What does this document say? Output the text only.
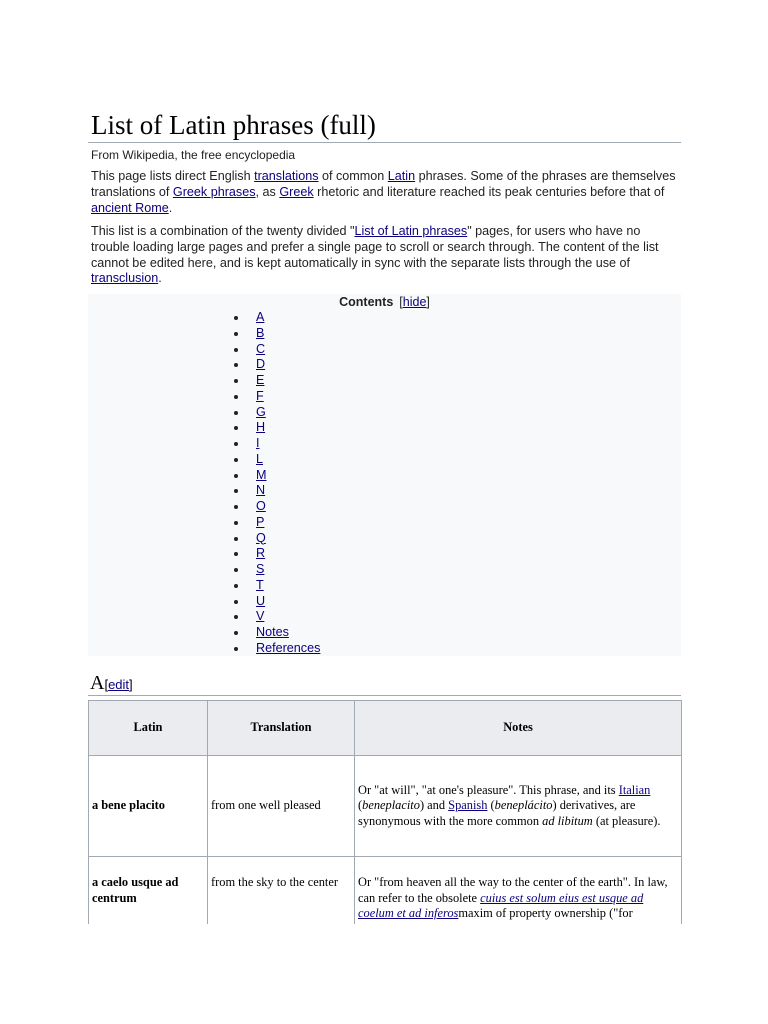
List of Latin phrases (full)
From Wikipedia, the free encyclopedia

This page lists direct English translations of common Latin phrases. Some of the phrases are themselves translations of Greek phrases, as Greek rhetoric and literature reached its peak centuries before that of ancient Rome.

This list is a combination of the twenty divided "List of Latin phrases" pages, for users who have no trouble loading large pages and prefer a single page to scroll or search through. The content of the list cannot be edited here, and is kept automatically in sync with the separate lists through the use of transclusion.

Contents [hide]
A
B
C
D
E
F
G
H
I
L
M
N
O
P
Q
R
S
T
U
V
Notes
References
A[edit]
Latin	Translation	Notes
a bene placito	from one well pleased	Or "at will", "at one's pleasure". This phrase, and its Italian (beneplacito) and Spanish (beneplácito) derivatives, are synonymous with the more common ad libitum (at pleasure).
a caelo usque ad centrum	from the sky to the center	Or "from heaven all the way to the center of the earth". In law, can refer to the obsolete cuius est solum eius est usque ad coelum et ad inferosmaxim of property ownership ("for
